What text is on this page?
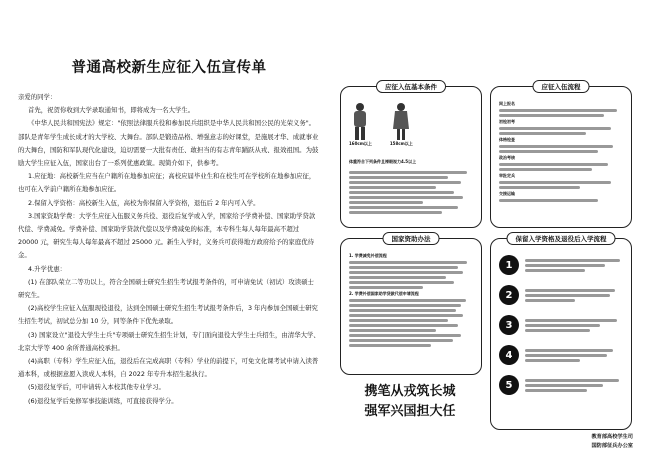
普通高校新生应征入伍宣传单

亲爱的同学：

首先，祝贺你收到大学录取通知书，即将成为一名大学生。

《中华人民共和国宪法》规定："依照法律服兵役和参加民兵组织是中华人民共和国公民的光荣义务"。部队是青年学生成长成才的大学校、大舞台。部队是锻造品格、增强意志的好课堂，是施展才华、成就事业的大舞台，国防和军队现代化建设，迫切需要一大批有责任、敢担当的有志青年踊跃从戎、报效祖国。为鼓励大学生应征入伍，国家出台了一系列优惠政策。现简介如下，供参考。

1.应征地：高校新生应当在户籍所在地参加应征；高校应届毕业生和在校生可在学校所在地参加应征，也可在入学前户籍所在地参加应征。

2.保留入学资格：高校新生入伍，高校为你保留入学资格，退伍后 2 年内可入学。

3.国家资助学费：大学生应征入伍服义务兵役、退役后复学或入学，国家给予学费补偿、国家助学贷款代偿、学费减免。学费补偿、国家助学贷款代偿以及学费减免的标准，本专科生每人每年最高不超过 20000 元，研究生每人每年最高不超过 25000 元。新生入学时，义务兵可获得地方政府给予的家庭优待金。

4.升学优惠：

(1) 在部队荣立二等功以上，符合全国硕士研究生招生考试报考条件的，可申请免试（初试）攻读硕士研究生。

(2)高校学生应征入伍服现役退役，达到全国硕士研究生招生考试报考条件后，3 年内参加全国硕士研究生招生考试，初试总分加 10 分，同等条件下优先录取。

(3) 国家设立"退役大学生士兵"专项硕士研究生招生计划，专门面向退役大学生士兵招生，由清华大学、北京大学等 400 余所普通高校承担。

(4)高职（专科）学生应征入伍，退役后在完成高职（专科）学业的前提下，可免文化课考试申请入读普通本科，或根据意愿入读成人本科，自 2022 年专升本招生起执行。

(5)退役复学后，可申请转入本校其他专业学习。

(6)退役复学后免修军事技能训练，可直接获得学分。

应征入伍基本条件
160cm以上	158cm以上
体重符合下列条件且裸眼视力4.5以上
应征入伍流程
网上报名
初检初考
体格检查
政治考核
审批定兵
交接运输
国家资助办法
1. 学费减免补偿流程
2. 学费补偿国家助学贷款代偿申请流程
保留入学资格及退役后入学流程
1
2
3
4
5
携笔从戎筑长城
强军兴国担大任
教育部高校学生司
国防部征兵办公室
